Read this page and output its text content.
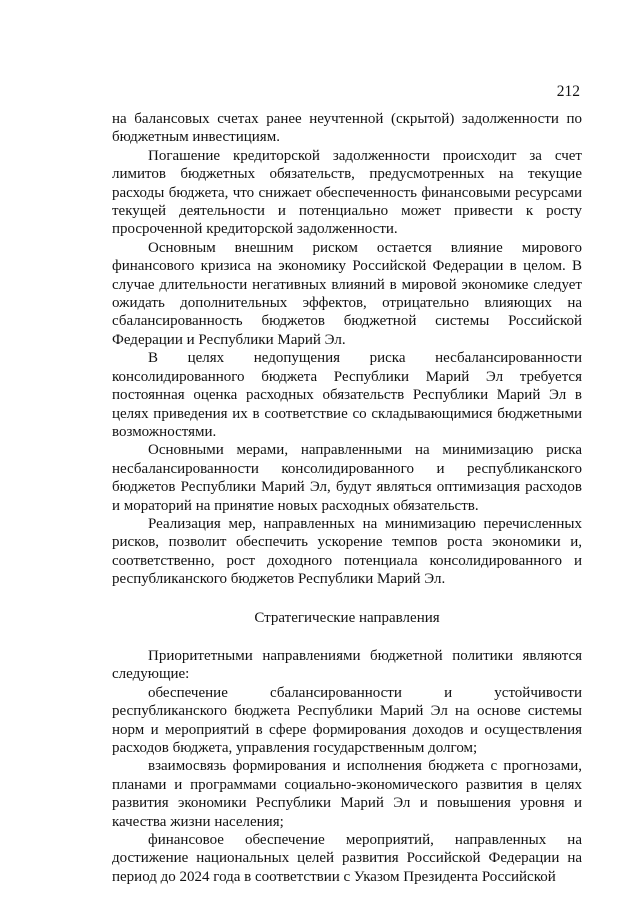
212

на балансовых счетах ранее неучтенной (скрытой) задолженности по бюджетным инвестициям.

Погашение кредиторской задолженности происходит за счет лимитов бюджетных обязательств, предусмотренных на текущие расходы бюджета, что снижает обеспеченность финансовыми ресурсами текущей деятельности и потенциально может привести к росту просроченной кредиторской задолженности.

Основным внешним риском остается влияние мирового финансового кризиса на экономику Российской Федерации в целом. В случае длительности негативных влияний в мировой экономике следует ожидать дополнительных эффектов, отрицательно влияющих на сбалансированность бюджетов бюджетной системы Российской Федерации и Республики Марий Эл.

В целях недопущения риска несбалансированности консолидированного бюджета Республики Марий Эл требуется постоянная оценка расходных обязательств Республики Марий Эл в целях приведения их в соответствие со складывающимися бюджетными возможностями.

Основными мерами, направленными на минимизацию риска несбалансированности консолидированного и республиканского бюджетов Республики Марий Эл, будут являться оптимизация расходов и мораторий на принятие новых расходных обязательств.

Реализация мер, направленных на минимизацию перечисленных рисков, позволит обеспечить ускорение темпов роста экономики и, соответственно, рост доходного потенциала консолидированного и республиканского бюджетов Республики Марий Эл.

Стратегические направления

Приоритетными направлениями бюджетной политики являются следующие:

обеспечение сбалансированности и устойчивости республиканского бюджета Республики Марий Эл на основе системы норм и мероприятий в сфере формирования доходов и осуществления расходов бюджета, управления государственным долгом;

взаимосвязь формирования и исполнения бюджета с прогнозами, планами и программами социально-экономического развития в целях развития экономики Республики Марий Эл и повышения уровня и качества жизни населения;

финансовое обеспечение мероприятий, направленных на достижение национальных целей развития Российской Федерации на период до 2024 года в соответствии с Указом Президента Российской
